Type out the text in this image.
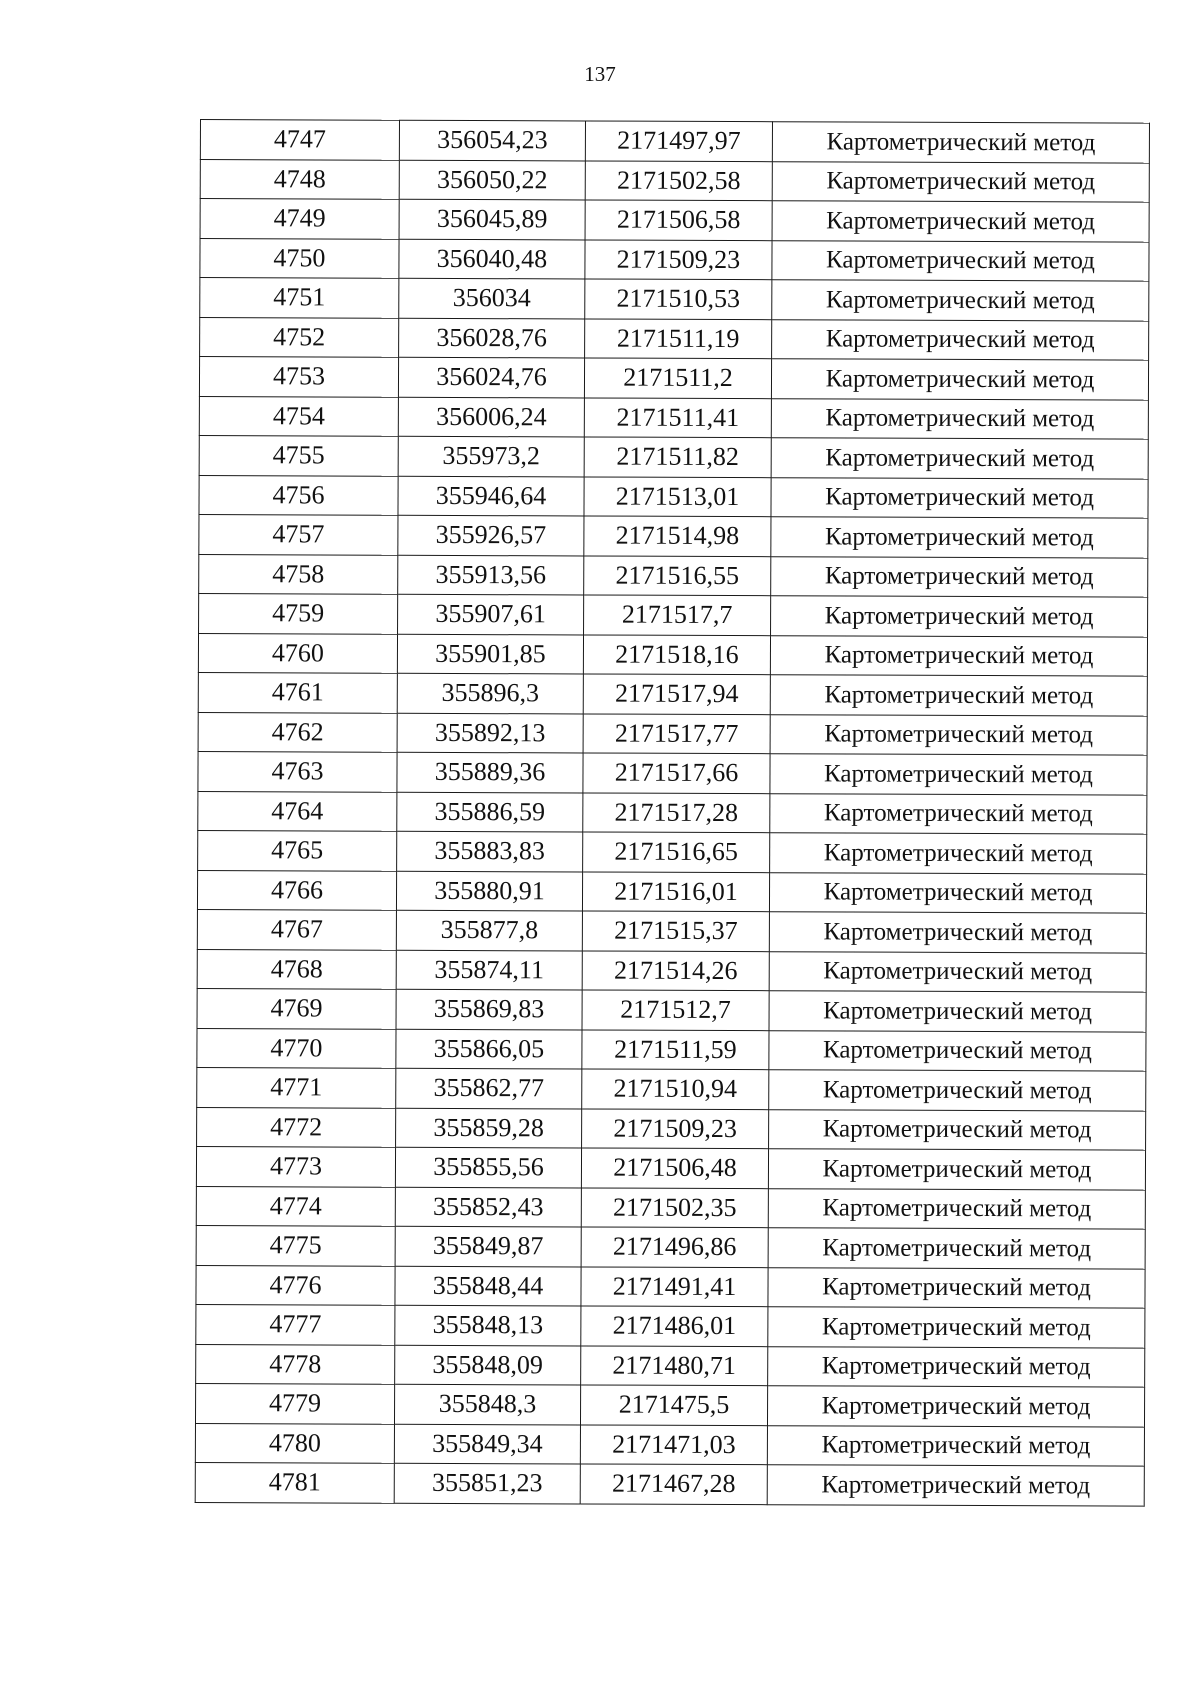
137
4747	356054,23	2171497,97	Картометрический метод
4748	356050,22	2171502,58	Картометрический метод
4749	356045,89	2171506,58	Картометрический метод
4750	356040,48	2171509,23	Картометрический метод
4751	356034	2171510,53	Картометрический метод
4752	356028,76	2171511,19	Картометрический метод
4753	356024,76	2171511,2	Картометрический метод
4754	356006,24	2171511,41	Картометрический метод
4755	355973,2	2171511,82	Картометрический метод
4756	355946,64	2171513,01	Картометрический метод
4757	355926,57	2171514,98	Картометрический метод
4758	355913,56	2171516,55	Картометрический метод
4759	355907,61	2171517,7	Картометрический метод
4760	355901,85	2171518,16	Картометрический метод
4761	355896,3	2171517,94	Картометрический метод
4762	355892,13	2171517,77	Картометрический метод
4763	355889,36	2171517,66	Картометрический метод
4764	355886,59	2171517,28	Картометрический метод
4765	355883,83	2171516,65	Картометрический метод
4766	355880,91	2171516,01	Картометрический метод
4767	355877,8	2171515,37	Картометрический метод
4768	355874,11	2171514,26	Картометрический метод
4769	355869,83	2171512,7	Картометрический метод
4770	355866,05	2171511,59	Картометрический метод
4771	355862,77	2171510,94	Картометрический метод
4772	355859,28	2171509,23	Картометрический метод
4773	355855,56	2171506,48	Картометрический метод
4774	355852,43	2171502,35	Картометрический метод
4775	355849,87	2171496,86	Картометрический метод
4776	355848,44	2171491,41	Картометрический метод
4777	355848,13	2171486,01	Картометрический метод
4778	355848,09	2171480,71	Картометрический метод
4779	355848,3	2171475,5	Картометрический метод
4780	355849,34	2171471,03	Картометрический метод
4781	355851,23	2171467,28	Картометрический метод
